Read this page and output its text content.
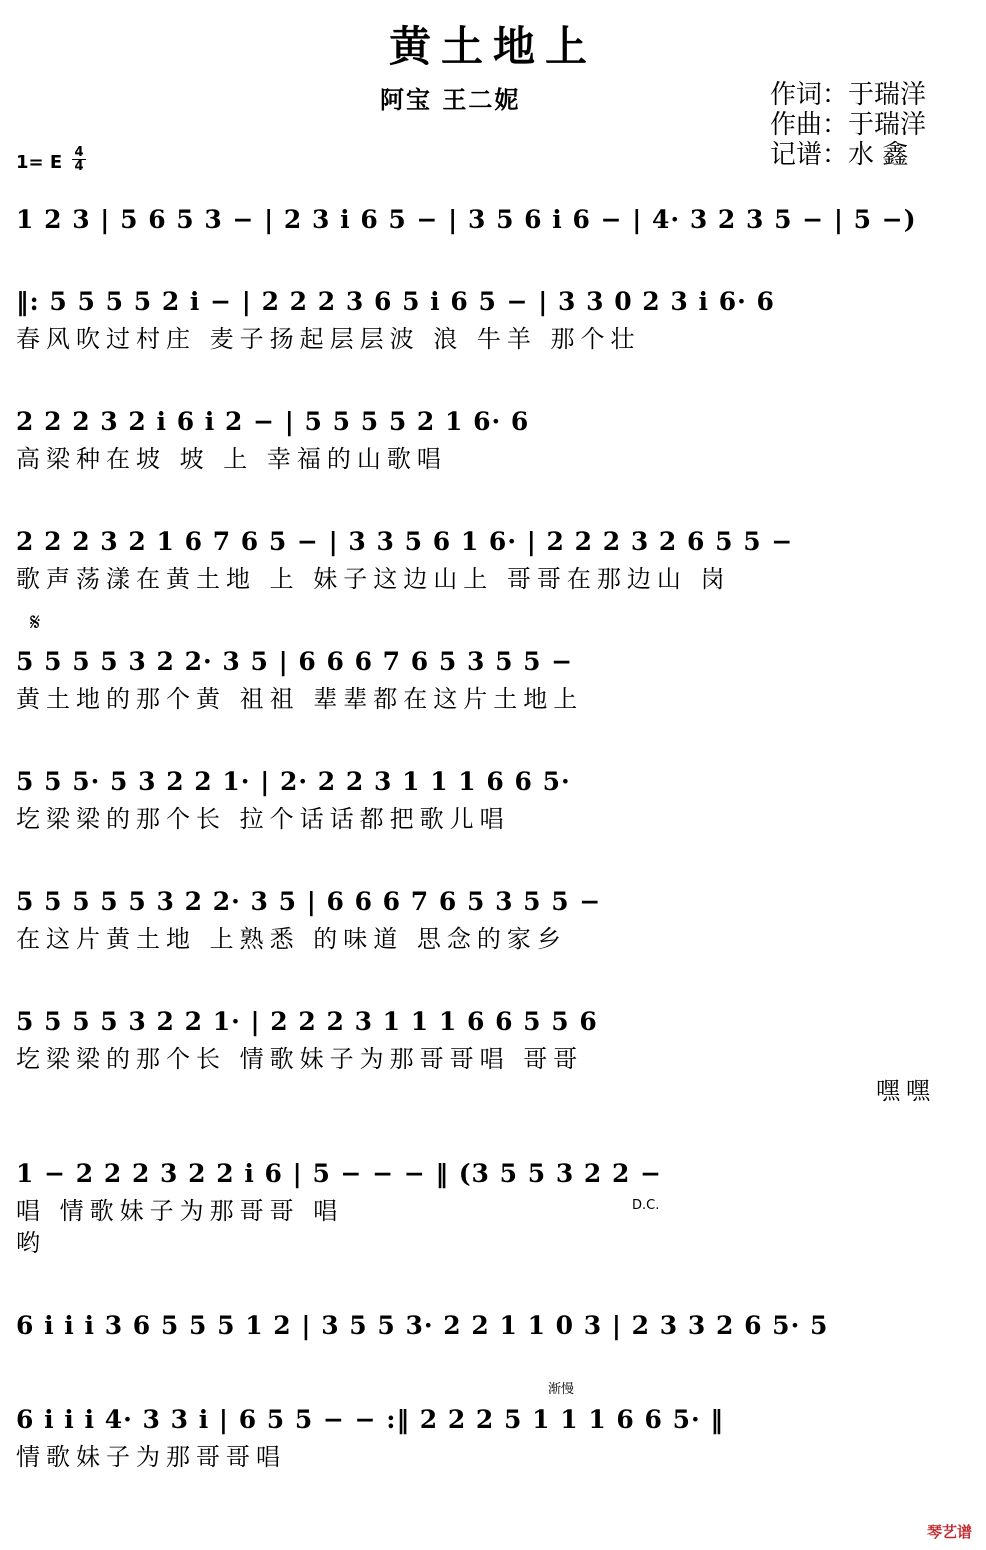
黄土地上
阿宝 王二妮	作词：于瑞洋
作曲：于瑞洋
记谱：水 鑫
1= E 4
4
1 2 3 | 5 6 5 3 − | 2 3 i 6 5 − | 3 5 6 i 6 − | 4· 3 2 3 5 − | 5 −)
‖: 5 5 5 5 2 i − | 2 2 2 3 6 5 i 6 5 − | 3 3 0 2 3 i 6· 6
春风吹过村庄 麦子扬起层层波 浪 牛羊 那个壮
2 2 2 3 2 i 6 i 2 − | 5 5 5 5 2 1 6· 6
高梁种在坡 坡 上 幸福的山歌唱
2 2 2 3 2 1 6 7 6 5 − | 3 3 5 6 1 6· | 2 2 2 3 2 6 5 5 −
歌声荡漾在黄土地 上 妹子这边山上 哥哥在那边山 岗
𝄋
5 5 5 5 3 2 2· 3 5 | 6 6 6 7 6 5 3 5 5 −
黄土地的那个黄 祖祖 辈辈都在这片土地上
5 5 5· 5 3 2 2 1· | 2· 2 2 3 1 1 1 6 6 5·
圪梁梁的那个长 拉个话话都把歌儿唱
5 5 5 5 5 3 2 2· 3 5 | 6 6 6 7 6 5 3 5 5 −
在这片黄土地 上熟悉 的味道 思念的家乡
5 5 5 5 3 2 2 1· | 2 2 2 3 1 1 1 6 6 5 5 6
圪梁梁的那个长 情歌妹子为那哥哥唱 哥哥
嘿嘿
1 − 2 2 2 3 2 2 i 6 | 5 − − − ‖ (3 5 5 3 2 2 −
唱 情歌妹子为那哥哥 唱
哟
D.C.
6 i i i 3 6 5 5 5 1 2 | 3 5 5 3· 2 2 1 1 0 3 | 2 3 3 2 6 5· 5
渐慢
6 i i i 4· 3 3 i | 6 5 5 − − :‖ 2 2 2 5 1 1 1 6 6 5· ‖
情歌妹子为那哥哥唱
琴艺谱
